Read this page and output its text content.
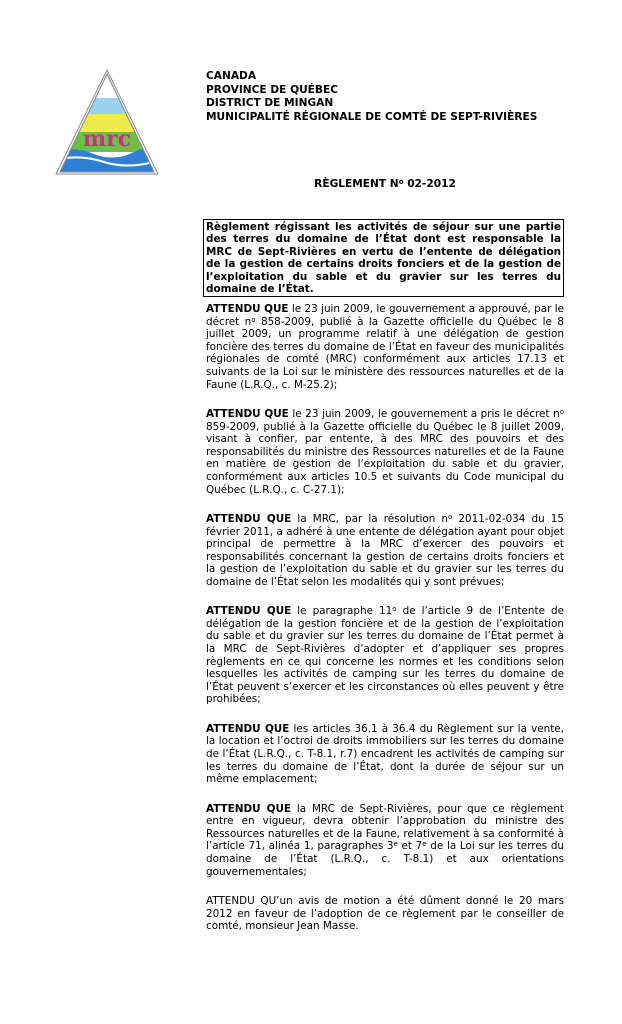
mrc
CANADA
PROVINCE DE QUÉBEC
DISTRICT DE MINGAN
MUNICIPALITÉ RÉGIONALE DE COMTÉ DE SEPT-RIVIÈRES
RÈGLEMENT $N^o$ 02-2012
Règlement régissant les activités de séjour sur une partie des terres du domaine de l’État dont est responsable la MRC de Sept-Rivières en vertu de l’entente de délégation de la gestion de certains droits fonciers et de la gestion de l’exploitation du sable et du gravier sur les terres du domaine de l’État.

ATTENDU QUE le 23 juin 2009, le gouvernement a approuvé, par le décret $n^o$ 858-2009, publié à la Gazette officielle du Québec le 8 juillet 2009, un programme relatif à une délégation de gestion foncière des terres du domaine de l’État en faveur des municipalités régionales de comté (MRC) conformément aux articles 17.13 et suivants de la Loi sur le ministère des ressources naturelles et de la Faune (L.R.Q., c. M-25.2);

ATTENDU QUE le 23 juin 2009, le gouvernement a pris le décret $n^o$ 859-2009, publié à la Gazette officielle du Québec le 8 juillet 2009, visant à confier, par entente, à des MRC des pouvoirs et des responsabilités du ministre des Ressources naturelles et de la Faune en matière de gestion de l’exploitation du sable et du gravier, conformément aux articles 10.5 et suivants du Code municipal du Québec (L.R.Q., c. C-27.1);

ATTENDU QUE la MRC, par la résolution $n^o$ 2011-02-034 du 15 février 2011, a adhéré à une entente de délégation ayant pour objet principal de permettre à la MRC d’exercer des pouvoirs et responsabilités concernant la gestion de certains droits fonciers et la gestion de l’exploitation du sable et du gravier sur les terres du domaine de l’État selon les modalités qui y sont prévues;

ATTENDU QUE le paragraphe 11$^o$ de l’article 9 de l’Entente de délégation de la gestion foncière et de la gestion de l’exploitation du sable et du gravier sur les terres du domaine de l’État permet à la MRC de Sept-Rivières d’adopter et d’appliquer ses propres règlements en ce qui concerne les normes et les conditions selon lesquelles les activités de camping sur les terres du domaine de l’État peuvent s’exercer et les circonstances où elles peuvent y être prohibées;

ATTENDU QUE les articles 36.1 à 36.4 du Règlement sur la vente, la location et l’octroi de droits immobiliers sur les terres du domaine de l’État (L.R.Q., c. T-8.1, r.7) encadrent les activités de camping sur les terres du domaine de l’État, dont la durée de séjour sur un même emplacement;

ATTENDU QUE la MRC de Sept-Rivières, pour que ce règlement entre en vigueur, devra obtenir l’approbation du ministre des Ressources naturelles et de la Faune, relativement à sa conformité à l’article 71, alinéa 1, paragraphes 3e et 7e de la Loi sur les terres du domaine de l’État (L.R.Q., c. T-8.1) et aux orientations gouvernementales;

ATTENDU QU’un avis de motion a été dûment donné le 20 mars 2012 en faveur de l’adoption de ce règlement par le conseiller de comté, monsieur Jean Masse.
